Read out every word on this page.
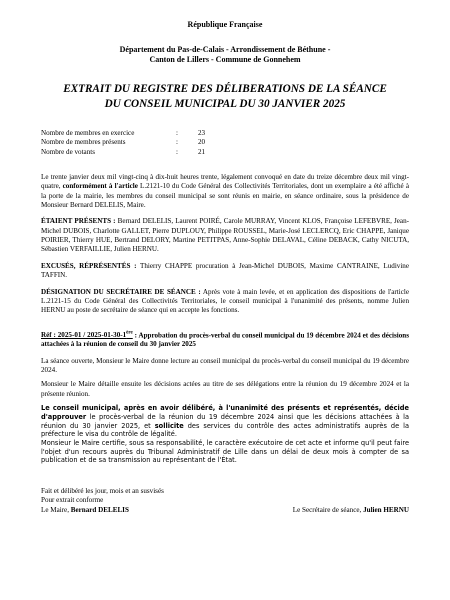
République Française
Département du Pas-de-Calais - Arrondissement de Béthune -
Canton de Lillers - Commune de Gonnehem
EXTRAIT DU REGISTRE DES DÉLIBERATIONS DE LA SÉANCE
DU CONSEIL MUNICIPAL DU 30 JANVIER 2025
Nombre de membres en exercice	:	23
Nombre de membres présents	:	20
Nombre de votants	:	21

Le trente janvier deux mil vingt-cinq à dix-huit heures trente, légalement convoqué en date du treize décembre deux mil vingt-quatre, conformément à l'article L.2121-10 du Code Général des Collectivités Territoriales, dont un exemplaire a été affiché à la porte de la mairie, les membres du conseil municipal se sont réunis en mairie, en séance ordinaire, sous la présidence de Monsieur Bernard DELELIS, Maire.

ÉTAIENT PRÉSENTS : Bernard DELELIS, Laurent POIRÉ, Carole MURRAY, Vincent KLOS, Françoise LEFEBVRE, Jean-Michel DUBOIS, Charlotte GALLET, Pierre DUPLOUY, Philippe ROUSSEL, Marie-José LECLERCQ, Eric CHAPPE, Janique POIRIER, Thierry HUE, Bertrand DELORY, Martine PETITPAS, Anne-Sophie DELAVAL, Céline DEBACK, Cathy NICUTA, Sébastien VERFAILLIE, Julien HERNU.

EXCUSÉS, RÉPRÉSENTÉS : Thierry CHAPPE procuration à Jean-Michel DUBOIS, Maxime CANTRAINE, Ludivine TAFFIN.

DÉSIGNATION DU SECRÉTAIRE DE SÉANCE : Après vote à main levée, et en application des dispositions de l'article L.2121-15 du Code Général des Collectivités Territoriales, le conseil municipal à l'unanimité des présents, nomme Julien HERNU au poste de secrétaire de séance qui en accepte les fonctions.

Réf : 2025-01 / 2025-01-30-1ère : Approbation du procès-verbal du conseil municipal du 19 décembre 2024 et des décisions attachées à la réunion de conseil du 30 janvier 2025

La séance ouverte, Monsieur le Maire donne lecture au conseil municipal du procès-verbal du conseil municipal du 19 décembre 2024.

Monsieur le Maire détaille ensuite les décisions actées au titre de ses délégations entre la réunion du 19 décembre 2024 et la présente réunion.

Le conseil municipal, après en avoir délibéré, à l'unanimité des présents et représentés, décide d'approuver le procès-verbal de la réunion du 19 décembre 2024 ainsi que les décisions attachées à la réunion du 30 janvier 2025, et sollicite des services du contrôle des actes administratifs auprès de la préfecture le visa du contrôle de légalité.

Monsieur le Maire certifie, sous sa responsabilité, le caractère exécutoire de cet acte et informe qu'il peut faire l'objet d'un recours auprès du Tribunal Administratif de Lille dans un délai de deux mois à compter de sa publication et de sa transmission au représentant de l'État.

Fait et délibéré les jour, mois et an susvisés
Pour extrait conforme
Le Maire, Bernard DELELIS	Le Secrétaire de séance, Julien HERNU
